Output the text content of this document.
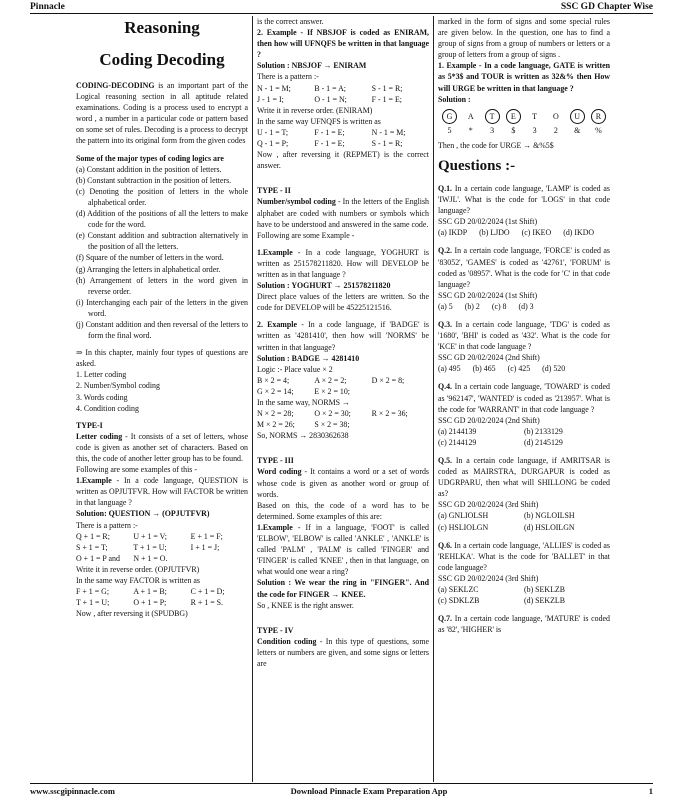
Pinnacle	SSC GD Chapter Wise
Reasoning
Coding Decoding

CODING-DECODING is an important part of the Logical reasoning section in all aptitude related examinations. Coding is a process used to encrypt a word , a number in a particular code or pattern based on some set of rules. Decoding is a process to decrypt the pattern into its original form from the given codes

Some of the major types of coding logics are

(a) Constant addition in the position of letters.

(b) Constant subtraction in the position of letters.

(c) Denoting the position of letters in the whole alphabetical order.

(d) Addition of the positions of all the letters to make code for the word.

(e) Constant addition and subtraction alternatively in the position of all the letters.

(f) Square of the number of letters in the word.

(g) Arranging the letters in alphabetical order.

(h) Arrangement of letters in the word given in reverse order.

(i) Interchanging each pair of the letters in the given word.

(j) Constant addition and then reversal of the letters to form the final word.

⇒ In this chapter, mainly four types of questions are asked.

1. Letter coding

2. Number/Symbol coding

3. Words coding

4. Condition coding

TYPE-I

Letter coding - It consists of a set of letters, whose code is given as another set of characters. Based on this, the code of another letter group has to be found.

Following are some examples of this -

1.Example - In a code language, QUESTION is written as OPJUTFVR. How will FACTOR be written in that language ?

Solution: QUESTION → (OPJUTFVR)

There is a pattern :-

Q + 1 = R;	U + 1 = V;	E + 1 = F;
S + 1 = T;	T + 1 = U;	I + 1 = J;
O + 1 = P and	N + 1 = O.

Write it in reverse order. (OPJUTFVR)

In the same way FACTOR is written as

F + 1 = G;	A + 1 = B;	C + 1 = D;
T + 1 = U;	O + 1 = P;	R + 1 = S.

Now , after reversing it (SPUDBG)

is the correct answer.

2. Example - If NBSJOF is coded as ENIRAM, then how will UFNQFS be written in that language ?

Solution : NBSJOF → ENIRAM

There is a pattern :-

N - 1 = M;	B - 1 = A;	S - 1 = R;
J - 1 = I;	O - 1 = N;	F - 1 = E;

Write it in reverse order. (ENIRAM)

In the same way UFNQFS is written as

U - 1 = T;	F - 1 = E;	N - 1 = M;
Q - 1 = P;	F - 1 = E;	S - 1 = R;

Now , after reversing it (REPMET) is the correct answer.

TYPE - II

Number/symbol coding - In the letters of the English alphabet are coded with numbers or symbols which have to be understood and answered in the same code.

Following are some Example -

1.Example - In a code language, YOGHURT is written as 251578211820. How will DEVELOP be written as in that language ?

Solution : YOGHURT → 251578211820

Direct place values of the letters are written. So the code for DEVELOP will be 45225121516.

2. Example - In a code language, if 'BADGE' is written as '4281410', then how will 'NORMS' be written in that language?

Solution : BADGE → 4281410

Logic :- Place value × 2

B × 2 = 4;	A × 2 = 2;	D × 2 = 8;
G × 2 = 14;	E × 2 = 10;

In the same way, NORMS →

N × 2 = 28;	O × 2 = 30;	R × 2 = 36;
M × 2 = 26;	S × 2 = 38;

So, NORMS → 2830362638

TYPE - III

Word coding - It contains a word or a set of words whose code is given as another word or group of words.

Based on this, the code of a word has to be determined. Some examples of this are:

1.Example - If in a language, 'FOOT' is called 'ELBOW', 'ELBOW' is called 'ANKLE' , 'ANKLE' is called 'PALM' , 'PALM' is called 'FINGER' and 'FINGER' is called 'KNEE' , then in that language, on what would one wear a ring?

Solution : We wear the ring in "FINGER". And the code for FINGER → KNEE.

So , KNEE is the right answer.

TYPE - IV

Condition coding - In this type of questions, some letters or numbers are given, and some signs or letters are

marked in the form of signs and some special rules are given below. In the question, one has to find a group of signs from a group of numbers or letters or a group of letters from a group of signs .

1. Example - In a code language, GATE is written as 5*3$ and TOUR is written as 32&% then How will URGE be written in that language ?

Solution :

G	A	T	E	T	O	U	R
5	*	3	$	3	2	&	%

Then , the code for URGE → &%5$

Questions :-

Q.1. In a certain code language, 'LAMP' is coded as 'IWJL'. What is the code for 'LOGS' in that code language?

SSC GD 20/02/2024 (1st Shift)

(a) IKDP (b) LJDO (c) IKEO (d) IKDO

Q.2. In a certain code language, 'FORCE' is coded as '83052', 'GAMES' is coded as '42761', 'FORUM' is coded as '08957'. What is the code for 'C' in that code language?

SSC GD 20/02/2024 (1st Shift)

(a) 5 (b) 2 (c) 8 (d) 3

Q.3. In a certain code language, 'TDG' is coded as '1680', 'BHI' is coded as '432'. What is the code for 'KCE' in that code language ?

SSC GD 20/02/2024 (2nd Shift)

(a) 495 (b) 465 (c) 425 (d) 520

Q.4. In a certain code language, 'TOWARD' is coded as '962147', 'WANTED' is coded as '213957'. What is the code for 'WARRANT' in that code language ?

SSC GD 20/02/2024 (2nd Shift)

(a) 2144139	(b) 2133129
(c) 2144129	(d) 2145129

Q.5. In a certain code language, if AMRITSAR is coded as MAIRSTRA, DURGAPUR is coded as UDGRPARU, then what will SHILLONG be coded as?

SSC GD 20/02/2024 (3rd Shift)

(a) GNLIOLSH	(b) NGLOILSH
(c) HSLIOLGN	(d) HSLOILGN

Q.6. In a certain code language, 'ALLIES' is coded as 'REHLKA'. What is the code for 'BALLET' in that code language?

SSC GD 20/02/2024 (3rd Shift)

(a) SEKLZC	(b) SEKLZB
(c) SDKLZB	(d) SEKZLB

Q.7. In a certain code language, 'MATURE' is coded as '82', 'HIGHER' is

www.sscgipinnacle.com	Download Pinnacle Exam Preparation App	1
